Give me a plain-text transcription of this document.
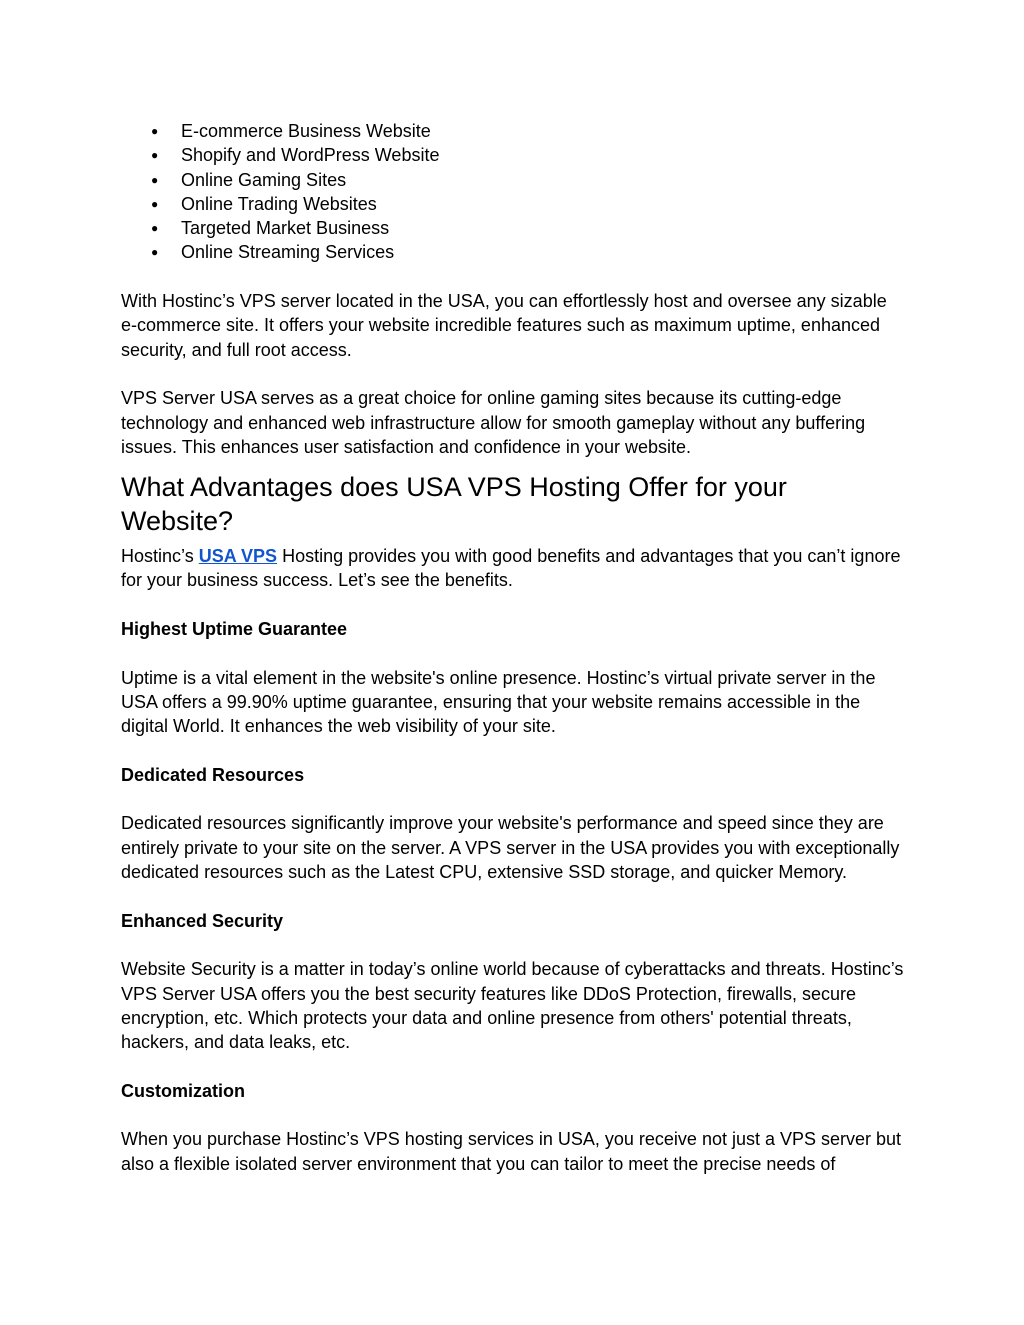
● E-commerce Business Website
● Shopify and WordPress Website
● Online Gaming Sites
● Online Trading Websites
● Targeted Market Business
● Online Streaming Services

With Hostinc’s VPS server located in the USA, you can effortlessly host and oversee any sizable e-commerce site. It offers your website incredible features such as maximum uptime, enhanced security, and full root access.

VPS Server USA serves as a great choice for online gaming sites because its cutting-edge technology and enhanced web infrastructure allow for smooth gameplay without any buffering issues. This enhances user satisfaction and confidence in your website.

What Advantages does USA VPS Hosting Offer for your Website?

Hostinc’s USA VPS Hosting provides you with good benefits and advantages that you can’t ignore for your business success. Let’s see the benefits.

Highest Uptime Guarantee

Uptime is a vital element in the website's online presence. Hostinc’s virtual private server in the USA offers a 99.90% uptime guarantee, ensuring that your website remains accessible in the digital World. It enhances the web visibility of your site.

Dedicated Resources

Dedicated resources significantly improve your website's performance and speed since they are entirely private to your site on the server. A VPS server in the USA provides you with exceptionally dedicated resources such as the Latest CPU, extensive SSD storage, and quicker Memory.

Enhanced Security

Website Security is a matter in today’s online world because of cyberattacks and threats. Hostinc’s VPS Server USA offers you the best security features like DDoS Protection, firewalls, secure encryption, etc. Which protects your data and online presence from others' potential threats, hackers, and data leaks, etc.

Customization

When you purchase Hostinc’s VPS hosting services in USA, you receive not just a VPS server but also a flexible isolated server environment that you can tailor to meet the precise needs of
